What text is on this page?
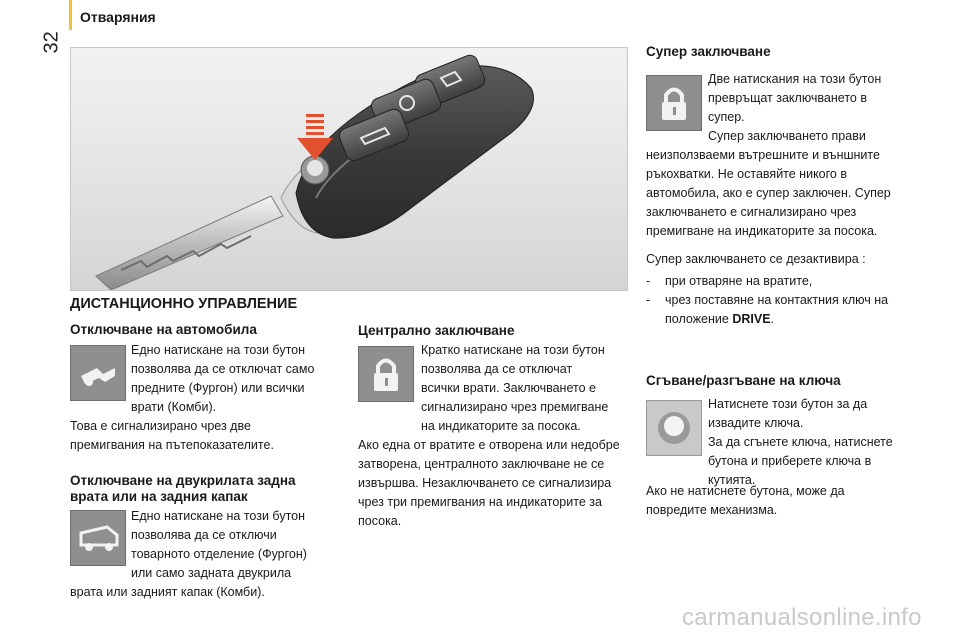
32
Отваряния
ДИСТАНЦИОННО УПРАВЛЕНИЕ
Отключване на автомобила

Едно натискане на този бутон

позволява да се отключат само

предните (Фургон) или всички

врати (Комби).

Това е сигнализирано чрез две

премигвания на пътепоказателите.

Отключване на двукрилата задна
врата или на задния капак

Едно натискане на този бутон

позволява да се отключи

товарното отделение (Фургон)

или само задната двукрила

врата или задният капак (Комби).

Централно заключване

Кратко натискане на този бутон

позволява да се отключат

всички врати. Заключването е

сигнализирано чрез премигване

на индикаторите за посока.

Ако една от вратите е отворена или недобре

затворена, централното заключване не се

извършва. Незаключването се сигнализира

чрез три премигвания на индикаторите за

посока.

Супер заключване

Две натискания на този бутон

превръщат заключването в

супер.

Супер заключването прави

неизползваеми вътрешните и външните

ръкохватки. Не оставяйте никого в

автомобила, ако е супер заключен. Супер

заключването е сигнализирано чрез

премигване на индикаторите за посока.

Супер заключването се дезактивира :

- при отваряне на вратите,
- чрез поставяне на контактния ключ на
положение DRIVE.
Сгъване/разгъване на ключа

Натиснете този бутон за да

извадите ключа.

За да сгънете ключа, натиснете

бутона и приберете ключа в

кутията.

Ако не натиснете бутона, може да

повредите механизма.

carmanualsonline.info
